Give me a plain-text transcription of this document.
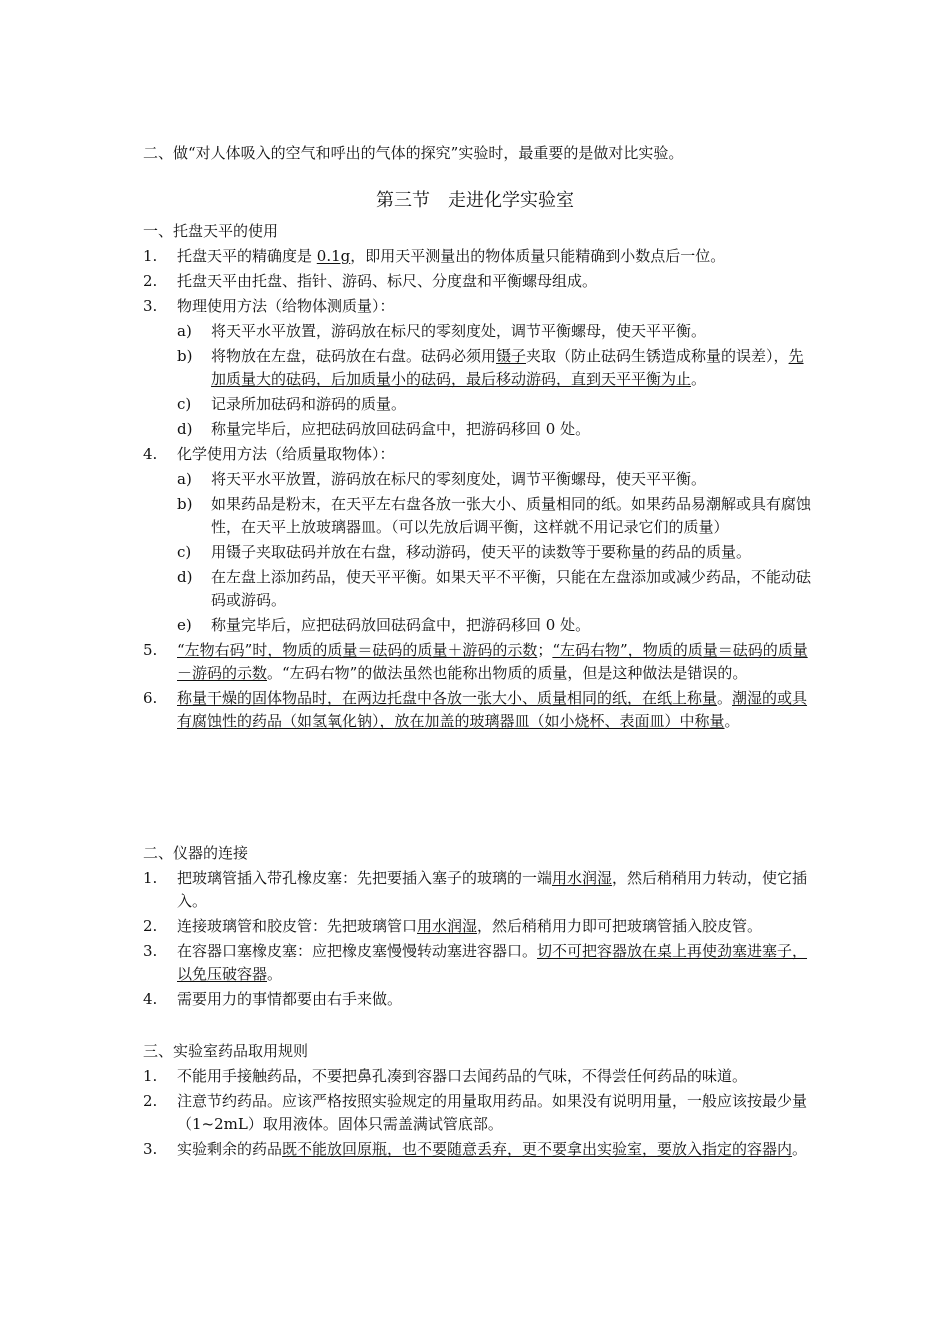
二、做“对人体吸入的空气和呼出的气体的探究”实验时，最重要的是做对比实验。
第三节　走进化学实验室
一、托盘天平的使用
1. 托盘天平的精确度是 0.1g，即用天平测量出的物体质量只能精确到小数点后一位。
2. 托盘天平由托盘、指针、游码、标尺、分度盘和平衡螺母组成。
3. 物理使用方法（给物体测质量）：
a) 将天平水平放置，游码放在标尺的零刻度处，调节平衡螺母，使天平平衡。
b) 将物放在左盘，砝码放在右盘。砝码必须用镊子夹取（防止砝码生锈造成称量的误差），先加质量大的砝码，后加质量小的砝码，最后移动游码，直到天平平衡为止。
c) 记录所加砝码和游码的质量。
d) 称量完毕后，应把砝码放回砝码盒中，把游码移回 0 处。
4. 化学使用方法（给质量取物体）：
a) 将天平水平放置，游码放在标尺的零刻度处，调节平衡螺母，使天平平衡。
b) 如果药品是粉末，在天平左右盘各放一张大小、质量相同的纸。如果药品易潮解或具有腐蚀性，在天平上放玻璃器皿。（可以先放后调平衡，这样就不用记录它们的质量）
c) 用镊子夹取砝码并放在右盘，移动游码，使天平的读数等于要称量的药品的质量。
d) 在左盘上添加药品，使天平平衡。如果天平不平衡，只能在左盘添加或减少药品，不能动砝码或游码。
e) 称量完毕后，应把砝码放回砝码盒中，把游码移回 0 处。
5. “左物右码”时，物质的质量＝砝码的质量＋游码的示数；“左码右物”，物质的质量＝砝码的质量－游码的示数。“左码右物”的做法虽然也能称出物质的质量，但是这种做法是错误的。
6. 称量干燥的固体物品时，在两边托盘中各放一张大小、质量相同的纸，在纸上称量。潮湿的或具有腐蚀性的药品（如氢氧化钠），放在加盖的玻璃器皿（如小烧杯、表面皿）中称量。
二、仪器的连接
1. 把玻璃管插入带孔橡皮塞：先把要插入塞子的玻璃的一端用水润湿，然后稍稍用力转动，使它插入。
2. 连接玻璃管和胶皮管：先把玻璃管口用水润湿，然后稍稍用力即可把玻璃管插入胶皮管。
3. 在容器口塞橡皮塞：应把橡皮塞慢慢转动塞进容器口。切不可把容器放在桌上再使劲塞进塞子，以免压破容器。
4. 需要用力的事情都要由右手来做。
三、实验室药品取用规则
1. 不能用手接触药品，不要把鼻孔凑到容器口去闻药品的气味，不得尝任何药品的味道。
2. 注意节约药品。应该严格按照实验规定的用量取用药品。如果没有说明用量，一般应该按最少量（1~2mL）取用液体。固体只需盖满试管底部。
3. 实验剩余的药品既不能放回原瓶，也不要随意丢弃，更不要拿出实验室，要放入指定的容器内。
